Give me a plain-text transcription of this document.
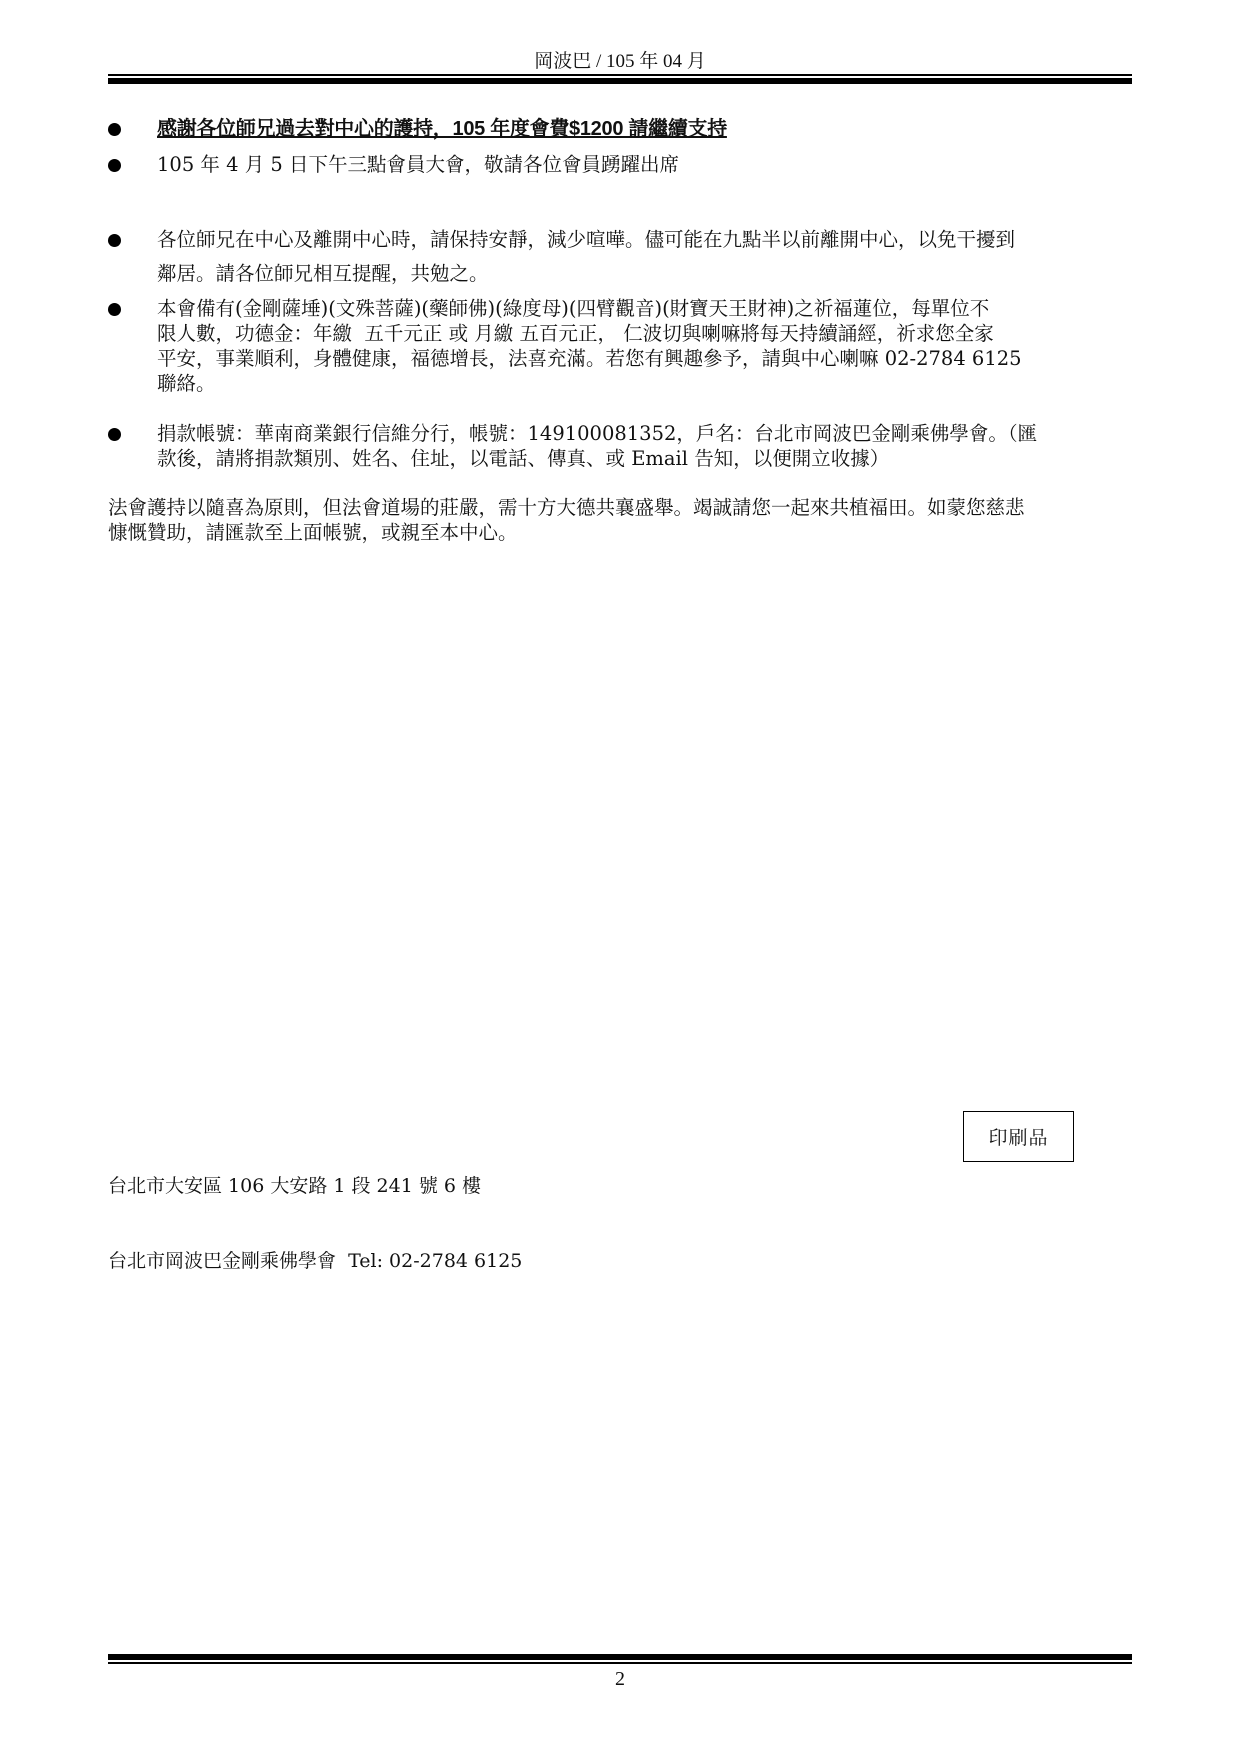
岡波巴 / 105 年 04 月
感謝各位師兄過去對中心的護持，105 年度會費$1200 請繼續支持
105 年 4 月 5 日下午三點會員大會，敬請各位會員踴躍出席
各位師兄在中心及離開中心時，請保持安靜，減少喧嘩。儘可能在九點半以前離開中心，以免干擾到
鄰居。請各位師兄相互提醒，共勉之。
本會備有(金剛薩埵)(文殊菩薩)(藥師佛)(綠度母)(四臂觀音)(財寶天王財神)之祈福蓮位，每單位不
限人數，功德金：年繳  五千元正 或 月繳 五百元正， 仁波切與喇嘛將每天持續誦經，祈求您全家
平安，事業順利，身體健康，福德增長，法喜充滿。若您有興趣參予，請與中心喇嘛 02-2784 6125
聯絡。
捐款帳號：華南商業銀行信維分行，帳號：149100081352，戶名：台北市岡波巴金剛乘佛學會。（匯
款後，請將捐款類別、姓名、住址，以電話、傳真、或 Email 告知，以便開立收據）
法會護持以隨喜為原則，但法會道場的莊嚴，需十方大德共襄盛舉。竭誠請您一起來共植福田。如蒙您慈悲
慷慨贊助，請匯款至上面帳號，或親至本中心。

台北市大安區 106 大安路 1 段 241 號 6 樓

台北市岡波巴金剛乘佛學會  Tel: 02-2784 6125

印刷品
2
